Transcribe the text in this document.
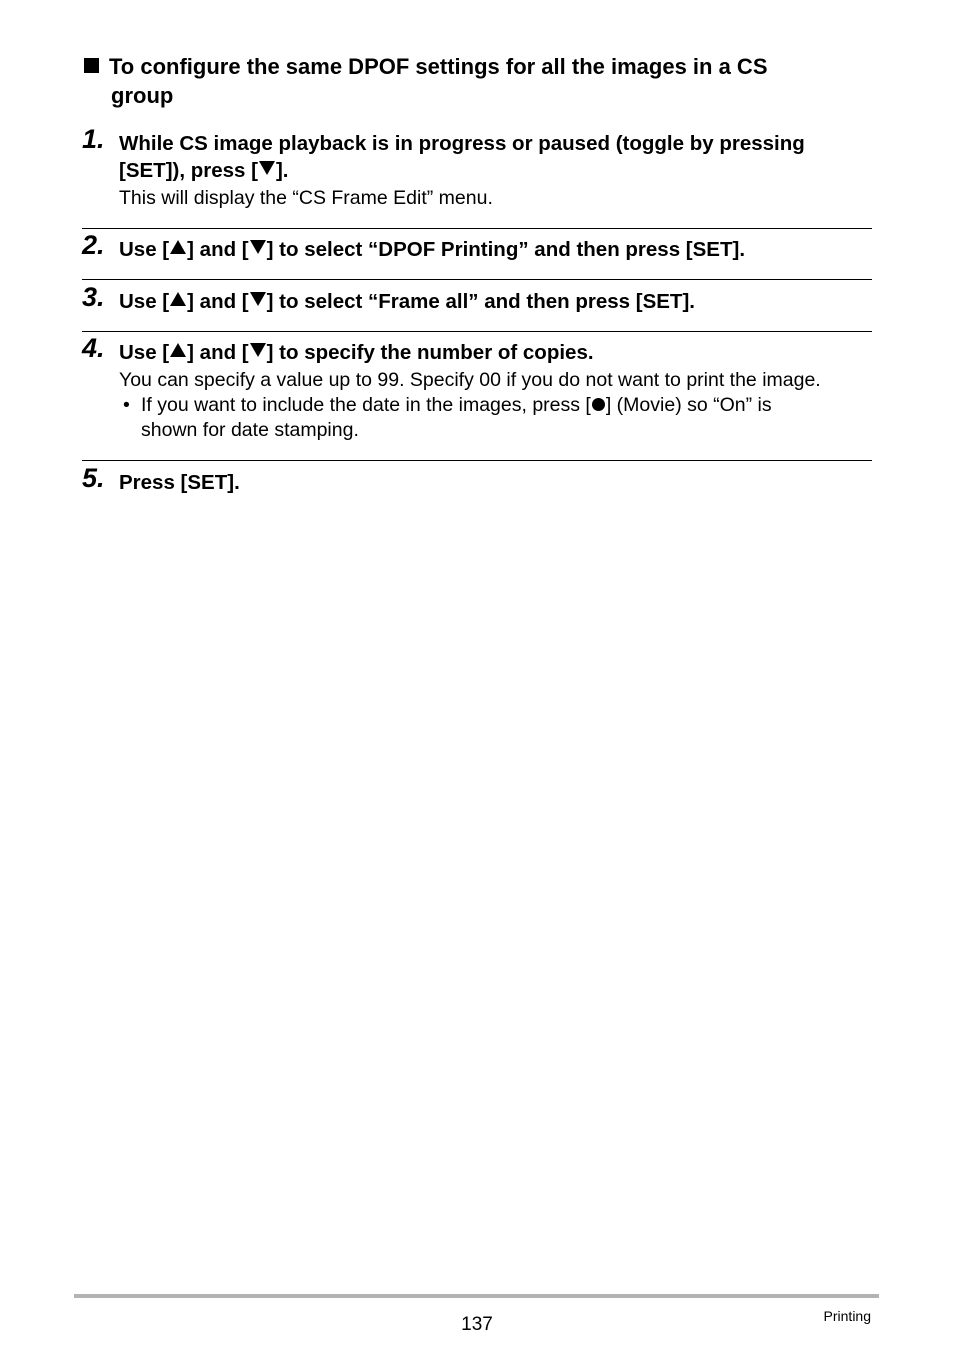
To configure the same DPOF settings for all the images in a CS
group
1. While CS image playback is in progress or paused (toggle by pressing
[SET]), press [ ].
This will display the “CS Frame Edit” menu.
2. Use [ ] and [ ] to select “DPOF Printing” and then press [SET].
3. Use [ ] and [ ] to select “Frame all” and then press [SET].
4. Use [ ] and [ ] to specify the number of copies.
You can specify a value up to 99. Specify 00 if you do not want to print the image.
• If you want to include the date in the images, press [ ] (Movie) so “On” is
shown for date stamping.
5. Press [SET].
137	Printing
